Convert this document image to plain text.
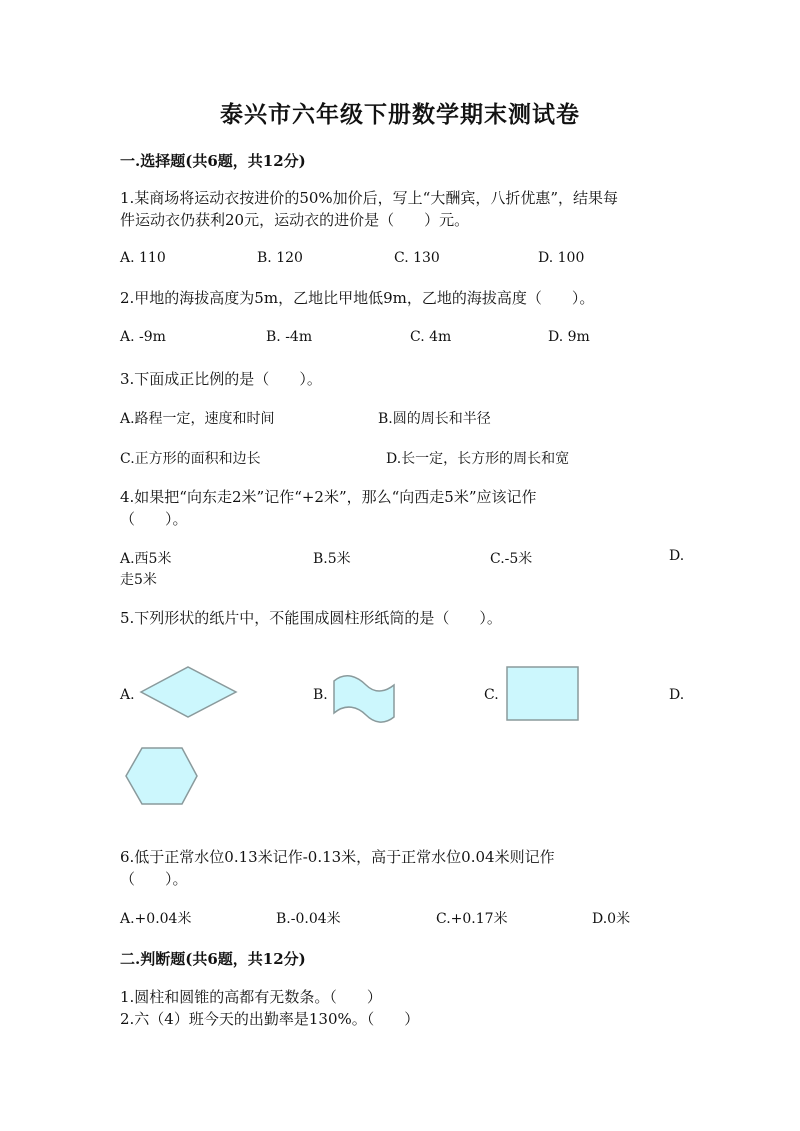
泰兴市六年级下册数学期末测试卷
一.选择题(共6题，共12分)
1.某商场将运动衣按进价的50%加价后，写上“大酬宾，八折优惠”，结果每
件运动衣仍获利20元，运动衣的进价是（　　）元。
A. 110	B. 120	C. 130	D. 100
2.甲地的海拔高度为5m，乙地比甲地低9m，乙地的海拔高度（　　）。
A. -9m	B. -4m	C. 4m	D. 9m
3.下面成正比例的是（　　）。
A.路程一定，速度和时间	B.圆的周长和半径
C.正方形的面积和边长	D.长一定，长方形的周长和宽
4.如果把“向东走2米”记作“+2米”，那么“向西走5米”应该记作
（　　）。
A.西5米	B.5米	C.-5米	D.
走5米
5.下列形状的纸片中，不能围成圆柱形纸筒的是（　　）。
A.	B.	C.	D.
6.低于正常水位0.13米记作-0.13米，高于正常水位0.04米则记作
（　　）。
A.+0.04米	B.-0.04米	C.+0.17米	D.0米
二.判断题(共6题，共12分)
1.圆柱和圆锥的高都有无数条。（　　）
2.六（4）班今天的出勤率是130%。（　　）
